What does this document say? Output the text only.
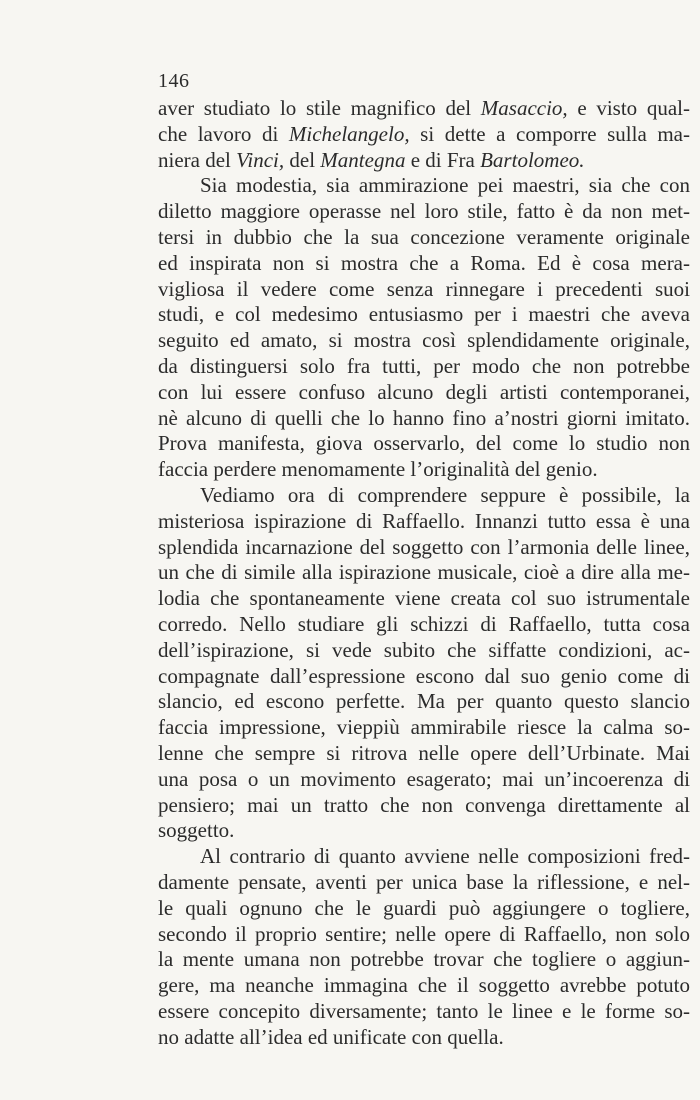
146
aver studiato lo stile magnifico del Masaccio, e visto qual-
che lavoro di Michelangelo, si dette a comporre sulla ma-
niera del Vinci, del Mantegna e di Fra Bartolomeo.
Sia modestia, sia ammirazione pei maestri, sia che con
diletto maggiore operasse nel loro stile, fatto è da non met-
tersi in dubbio che la sua concezione veramente originale
ed inspirata non si mostra che a Roma. Ed è cosa mera-
vigliosa il vedere come senza rinnegare i precedenti suoi
studi, e col medesimo entusiasmo per i maestri che aveva
seguito ed amato, si mostra così splendidamente originale,
da distinguersi solo fra tutti, per modo che non potrebbe
con lui essere confuso alcuno degli artisti contemporanei,
nè alcuno di quelli che lo hanno fino a’nostri giorni imitato.
Prova manifesta, giova osservarlo, del come lo studio non
faccia perdere menomamente l’originalità del genio.
Vediamo ora di comprendere seppure è possibile, la
misteriosa ispirazione di Raffaello. Innanzi tutto essa è una
splendida incarnazione del soggetto con l’armonia delle linee,
un che di simile alla ispirazione musicale, cioè a dire alla me-
lodia che spontaneamente viene creata col suo istrumentale
corredo. Nello studiare gli schizzi di Raffaello, tutta cosa
dell’ispirazione, si vede subito che siffatte condizioni, ac-
compagnate dall’espressione escono dal suo genio come di
slancio, ed escono perfette. Ma per quanto questo slancio
faccia impressione, vieppiù ammirabile riesce la calma so-
lenne che sempre si ritrova nelle opere dell’Urbinate. Mai
una posa o un movimento esagerato; mai un’incoerenza di
pensiero; mai un tratto che non convenga direttamente al
soggetto.
Al contrario di quanto avviene nelle composizioni fred-
damente pensate, aventi per unica base la riflessione, e nel-
le quali ognuno che le guardi può aggiungere o togliere,
secondo il proprio sentire; nelle opere di Raffaello, non solo
la mente umana non potrebbe trovar che togliere o aggiun-
gere, ma neanche immagina che il soggetto avrebbe potuto
essere concepito diversamente; tanto le linee e le forme so-
no adatte all’idea ed unificate con quella.
